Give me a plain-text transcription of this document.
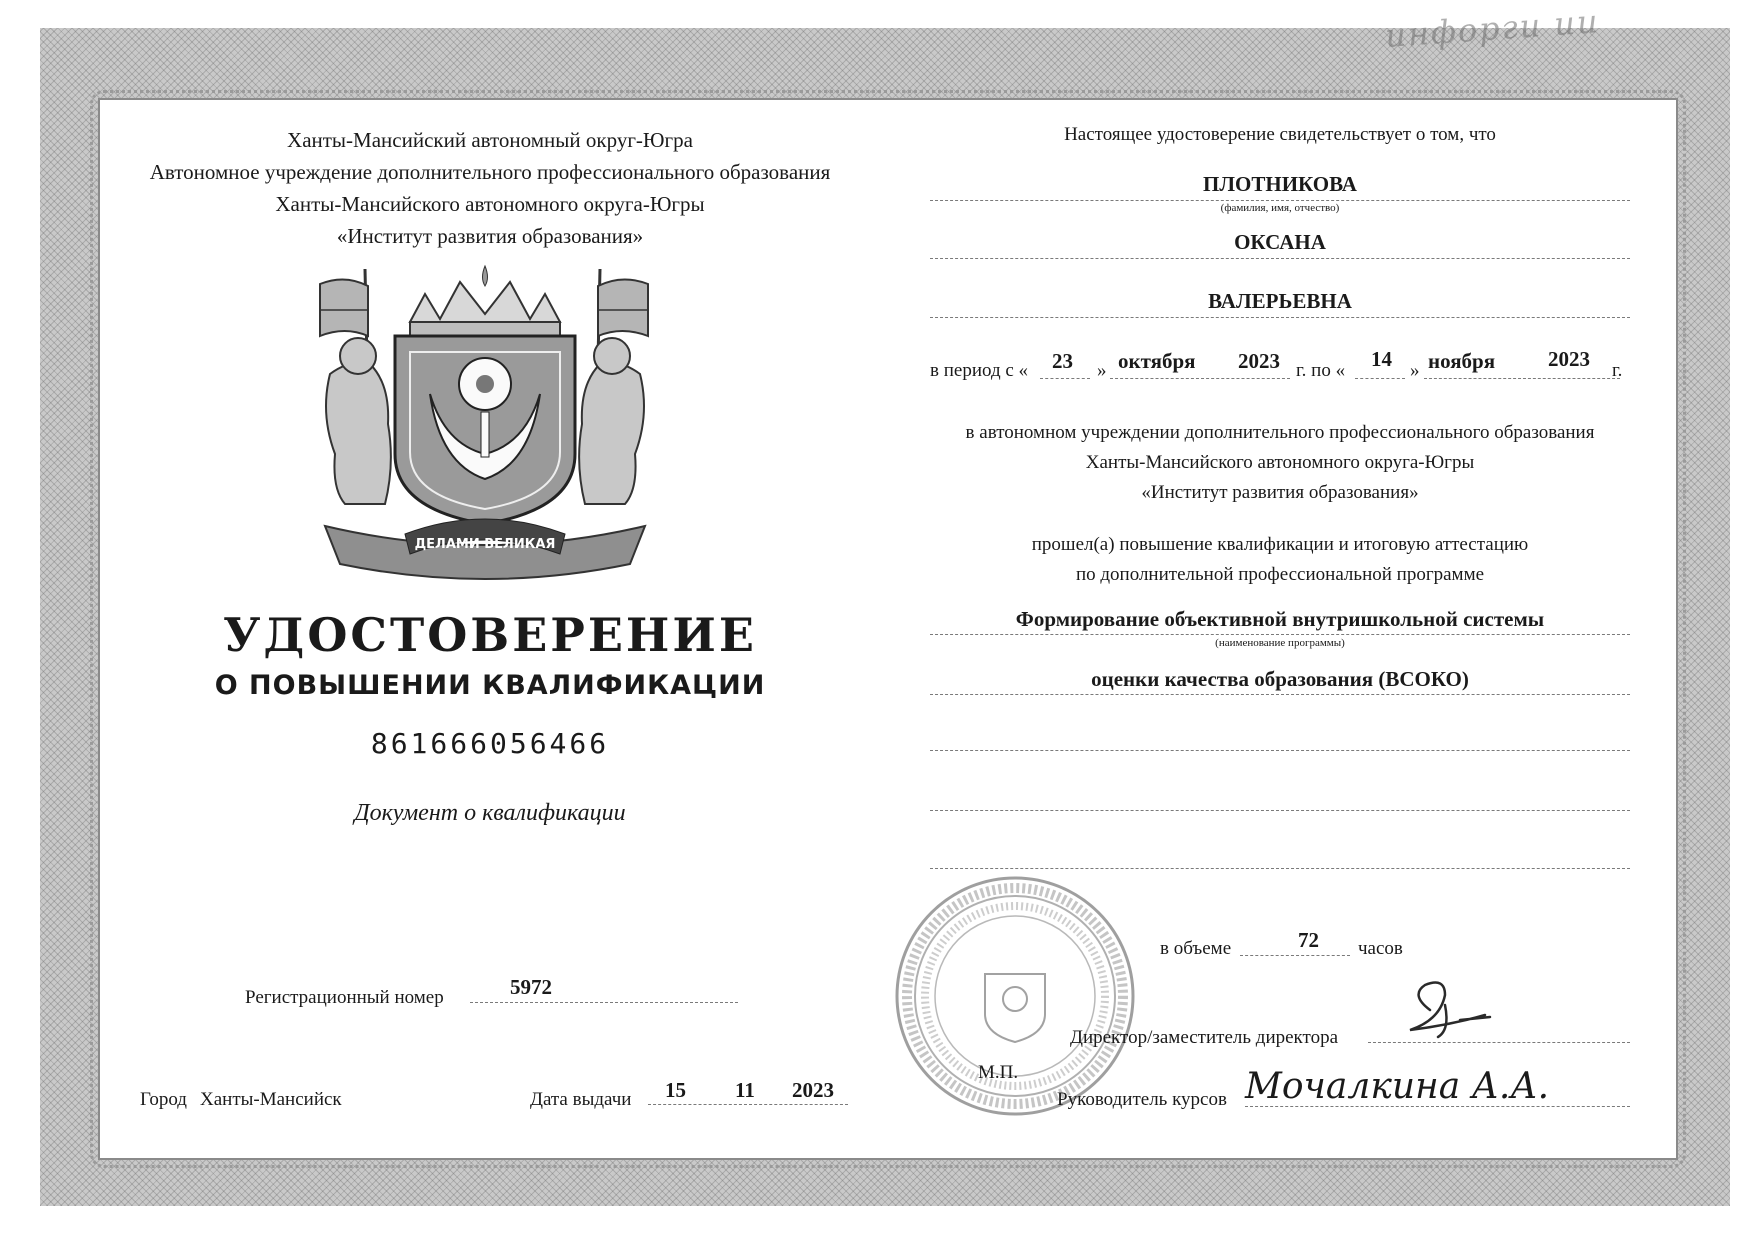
инфорги ии
Ханты-Мансийский автономный округ-Югра
Автономное учреждение дополнительного профессионального образования
Ханты-Мансийского автономного округа-Югры
«Институт развития образования»
ДЕЛАМИ ВЕЛИКАЯ
УДОСТОВЕРЕНИЕ
О ПОВЫШЕНИИ КВАЛИФИКАЦИИ
861666056466
Документ о квалификации
Регистрационный номер	5972
Город Ханты-Мансийск	Дата выдачи 15 11 2023
Настоящее удостоверение свидетельствует о том, что
ПЛОТНИКОВА
(фамилия, имя, отчество)
ОКСАНА
ВАЛЕРЬЕВНА
в период с « 23 » октября 2023 г. по « 14 » ноября	2023 г.
в автономном учреждении дополнительного профессионального образования
Ханты-Мансийского автономного округа-Югры
«Институт развития образования»
прошел(а) повышение квалификации и итоговую аттестацию
по дополнительной профессиональной программе
Формирование объективной внутришкольной системы
(наименование программы)
оценки качества образования (ВСОКО)
в объеме	72 часов
Директор/заместитель директора
М.П.
Руководитель курсов Мочалкина А.А.
